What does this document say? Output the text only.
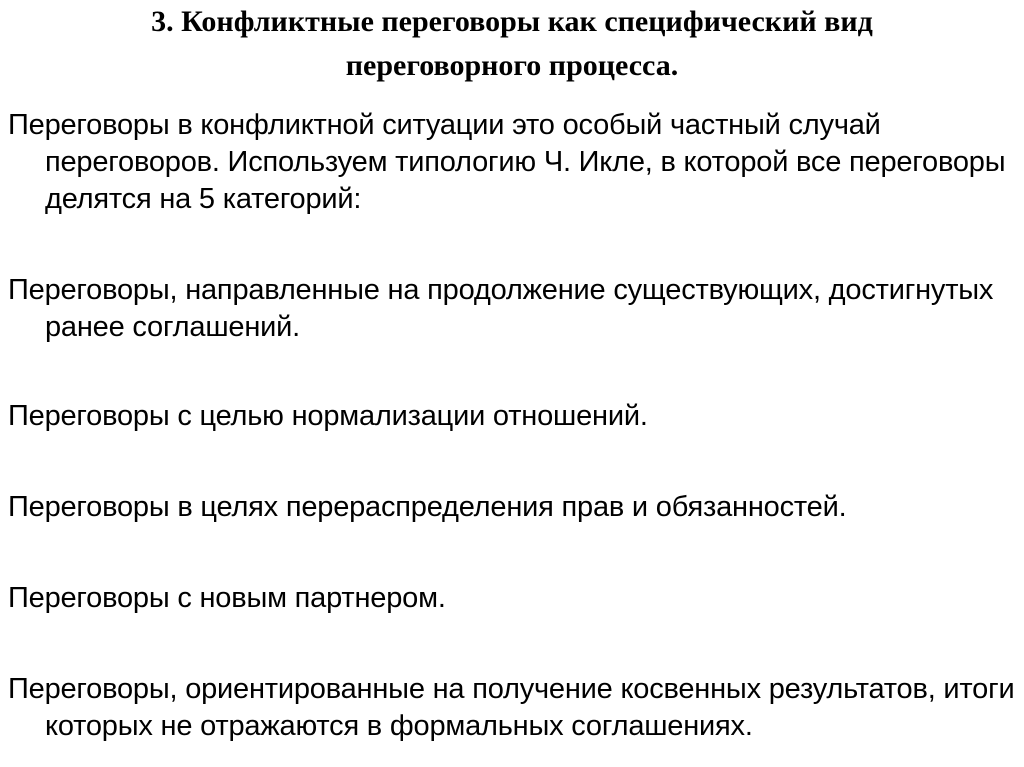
3. Конфликтные переговоры как специфический вид переговорного процесса.

Переговоры в конфликтной ситуации это особый частный случай переговоров. Используем типологию Ч. Икле, в которой все переговоры делятся на 5 категорий:

Переговоры, направленные на продолжение существующих, достигнутых ранее соглашений.

Переговоры с целью нормализации отношений.

Переговоры в целях перераспределения прав и обязанностей.

Переговоры с новым партнером.

Переговоры, ориентированные на получение косвенных результатов, итоги которых не отражаются в формальных соглашениях.
